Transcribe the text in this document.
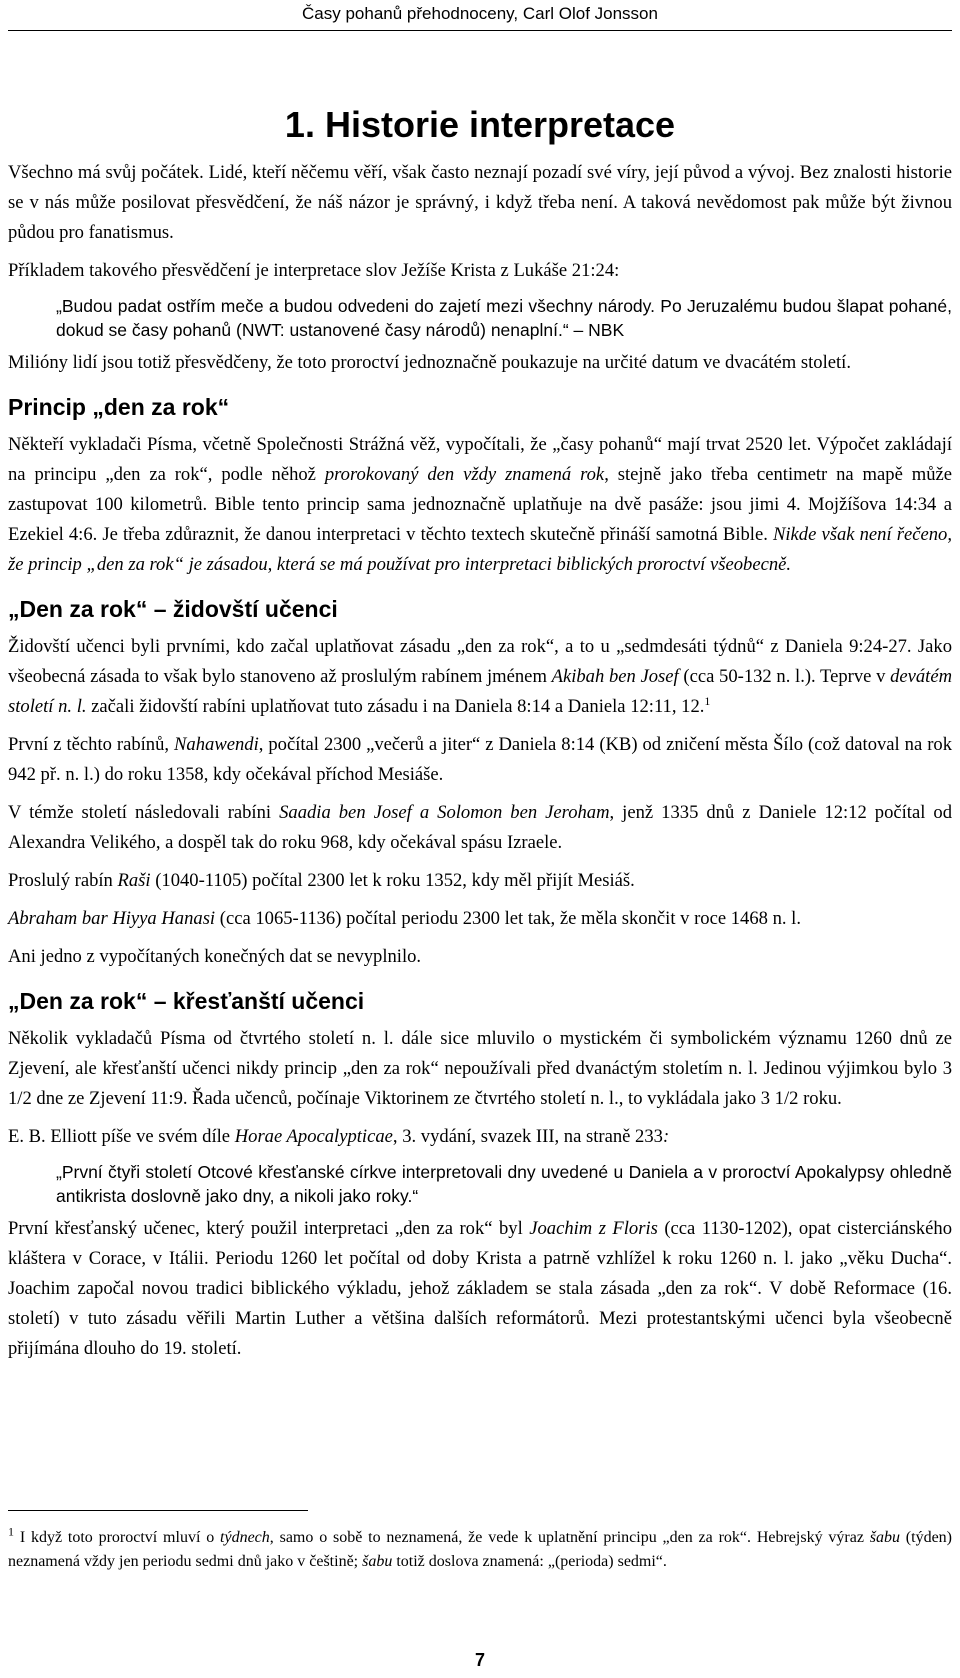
Časy pohanů přehodnoceny, Carl Olof Jonsson
1. Historie interpretace

Všechno má svůj počátek. Lidé, kteří něčemu věří, však často neznají pozadí své víry, její původ a vývoj. Bez znalosti historie se v nás může posilovat přesvědčení, že náš názor je správný, i když třeba není. A taková nevědomost pak může být živnou půdou pro fanatismus.

Příkladem takového přesvědčení je interpretace slov Ježíše Krista z Lukáše 21:24:

„Budou padat ostřím meče a budou odvedeni do zajetí mezi všechny národy. Po Jeruzalému budou šlapat pohané, dokud se časy pohanů (NWT: ustanovené časy národů) nenaplní.“ – NBK

Milióny lidí jsou totiž přesvědčeny, že toto proroctví jednoznačně poukazuje na určité datum ve dvacátém století.

Princip „den za rok“

Někteří vykladači Písma, včetně Společnosti Strážná věž, vypočítali, že „časy pohanů“ mají trvat 2520 let. Výpočet zakládají na principu „den za rok“, podle něhož prorokovaný den vždy znamená rok, stejně jako třeba centimetr na mapě může zastupovat 100 kilometrů. Bible tento princip sama jednoznačně uplatňuje na dvě pasáže: jsou jimi 4. Mojžíšova 14:34 a Ezekiel 4:6. Je třeba zdůraznit, že danou interpretaci v těchto textech skutečně přináší samotná Bible. Nikde však není řečeno, že princip „den za rok“ je zásadou, která se má používat pro interpretaci biblických proroctví všeobecně.

„Den za rok“ – židovští učenci

Židovští učenci byli prvními, kdo začal uplatňovat zásadu „den za rok“, a to u „sedmdesáti týdnů“ z Daniela 9:24-27. Jako všeobecná zásada to však bylo stanoveno až proslulým rabínem jménem Akibah ben Josef (cca 50-132 n. l.). Teprve v devátém století n. l. začali židovští rabíni uplatňovat tuto zásadu i na Daniela 8:14 a Daniela 12:11, 12.$^1$

První z těchto rabínů, Nahawendi, počítal 2300 „večerů a jiter“ z Daniela 8:14 (KB) od zničení města Šílo (což datoval na rok 942 př. n. l.) do roku 1358, kdy očekával příchod Mesiáše.

V témže století následovali rabíni Saadia ben Josef a Solomon ben Jeroham, jenž 1335 dnů z Daniele 12:12 počítal od Alexandra Velikého, a dospěl tak do roku 968, kdy očekával spásu Izraele.

Proslulý rabín Raši (1040-1105) počítal 2300 let k roku 1352, kdy měl přijít Mesiáš.

Abraham bar Hiyya Hanasi (cca 1065-1136) počítal periodu 2300 let tak, že měla skončit v roce 1468 n. l.

Ani jedno z vypočítaných konečných dat se nevyplnilo.

„Den za rok“ – křesťanští učenci

Několik vykladačů Písma od čtvrtého století n. l. dále sice mluvilo o mystickém či symbolickém významu 1260 dnů ze Zjevení, ale křesťanští učenci nikdy princip „den za rok“ nepoužívali před dvanáctým stoletím n. l. Jedinou výjimkou bylo 3 1/2 dne ze Zjevení 11:9. Řada učenců, počínaje Viktorinem ze čtvrtého století n. l., to vykládala jako 3 1/2 roku.

E. B. Elliott píše ve svém díle Horae Apocalypticae, 3. vydání, svazek III, na straně 233:

„První čtyři století Otcové křesťanské církve interpretovali dny uvedené u Daniela a v proroctví Apokalypsy ohledně antikrista doslovně jako dny, a nikoli jako roky.“

První křesťanský učenec, který použil interpretaci „den za rok“ byl Joachim z Floris (cca 1130-1202), opat cisterciánského kláštera v Corace, v Itálii. Periodu 1260 let počítal od doby Krista a patrně vzhlížel k roku 1260 n. l. jako „věku Ducha“. Joachim započal novou tradici biblického výkladu, jehož základem se stala zásada „den za rok“. V době Reformace (16. století) v tuto zásadu věřili Martin Luther a většina dalších reformátorů. Mezi protestantskými učenci byla všeobecně přijímána dlouho do 19. století.

$^1$ I když toto proroctví mluví o týdnech, samo o sobě to neznamená, že vede k uplatnění principu „den za rok“. Hebrejský výraz šabu (týden) neznamená vždy jen periodu sedmi dnů jako v češtině; šabu totiž doslova znamená: „(perioda) sedmi“.
7
